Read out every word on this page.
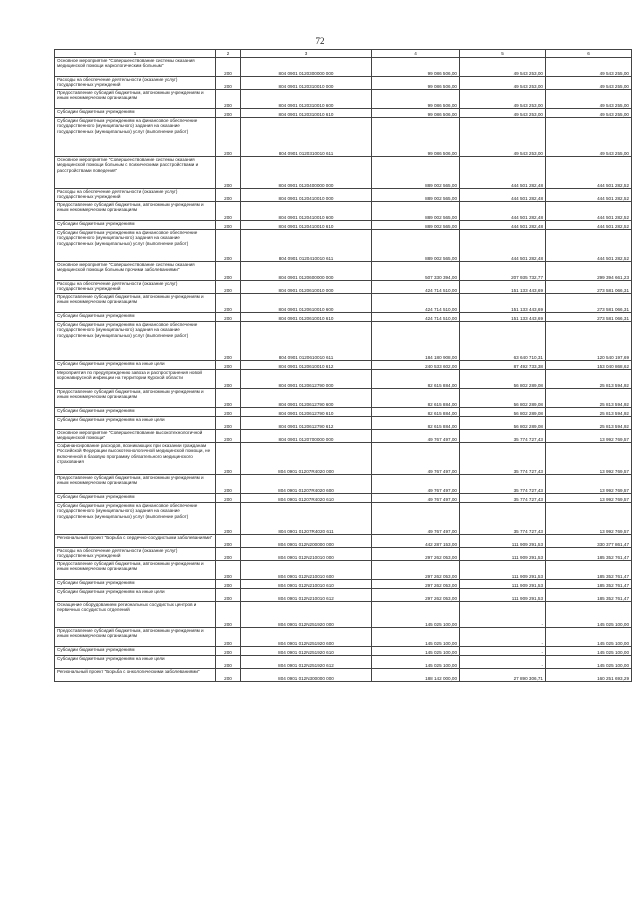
72
1	2	3	4	5	6
Основное мероприятие "Совершенствование системы оказания медицинской помощи наркологическим больным"	200	804 0901 0120300000 000	99 086 506,00	49 543 253,00	49 543 255,00
Расходы на обеспечение деятельности (оказание услуг) государственных учреждений	200	804 0901 0120310010 000	99 086 506,00	49 543 253,00	49 543 255,00
Предоставление субсидий бюджетным, автономным учреждениям и иным некоммерческим организациям	200	804 0901 0120310010 600	99 086 506,00	49 543 253,00	49 543 255,00
Субсидии бюджетным учреждениям	200	804 0901 0120310010 610	99 086 506,00	49 543 253,00	49 543 255,00
Субсидии бюджетным учреждениям на финансовое обеспечение государственного (муниципального) задания на оказание государственных (муниципальных) услуг (выполнение работ)	200	804 0901 0120310010 611	99 086 506,00	49 543 253,00	49 543 255,00
Основное мероприятие "Совершенствование системы оказания медицинской помощи больным с психическими расстройствами и расстройствами поведения"	200	804 0901 0120400000 000	889 002 565,00	444 501 282,48	444 501 282,52
Расходы на обеспечение деятельности (оказание услуг) государственных учреждений	200	804 0901 0120410010 000	889 002 565,00	444 501 282,48	444 501 282,52
Предоставление субсидий бюджетным, автономным учреждениям и иным некоммерческим организациям	200	804 0901 0120410010 600	889 002 565,00	444 501 282,48	444 501 282,52
Субсидии бюджетным учреждениям	200	804 0901 0120410010 610	889 002 565,00	444 501 282,48	444 501 282,52
Субсидии бюджетным учреждениям на финансовое обеспечение государственного (муниципального) задания на оказание государственных (муниципальных) услуг (выполнение работ)	200	804 0901 0120410010 611	889 002 565,00	444 501 282,48	444 501 282,52
Основное мероприятие "Совершенствование системы оказания медицинской помощи больным прочими заболеваниями"	200	804 0901 0120600000 000	507 330 394,00	207 935 732,77	299 394 661,23
Расходы на обеспечение деятельности (оказание услуг) государственных учреждений	200	804 0901 0120610010 000	424 714 510,00	151 133 443,69	273 581 066,31
Предоставление субсидий бюджетным, автономным учреждениям и иным некоммерческим организациям	200	804 0901 0120610010 600	424 714 510,00	151 133 443,69	273 581 066,31
Субсидии бюджетным учреждениям	200	804 0901 0120610010 610	424 714 510,00	151 133 443,69	273 581 066,31
Субсидии бюджетным учреждениям на финансовое обеспечение государственного (муниципального) задания на оказание государственных (муниципальных) услуг (выполнение работ)	200	804 0901 0120610010 611	184 180 908,00	63 640 710,31	120 540 197,69
Субсидии бюджетным учреждениям на иные цели	200	804 0901 0120610010 612	240 533 602,00	87 492 733,38	153 040 868,62
Мероприятия по предупреждению завоза и распространения новой коронавирусной инфекции на территории Курской области	200	804 0901 0120612790 000	82 615 884,00	56 802 289,08	25 813 594,92
Предоставление субсидий бюджетным, автономным учреждениям и иным некоммерческим организациям	200	804 0901 0120612790 600	82 615 884,00	56 802 289,08	25 813 594,92
Субсидии бюджетным учреждениям	200	804 0901 0120612790 610	82 615 884,00	56 802 289,08	25 813 594,92
Субсидии бюджетным учреждениям на иные цели	200	804 0901 0120612790 612	82 615 884,00	56 802 289,08	25 813 594,92
Основное мероприятие "Совершенствование высокотехнологичной медицинской помощи"	200	804 0901 0120700000 000	49 767 497,00	35 774 727,43	13 992 769,57
Софинансирование расходов, возникающих при оказании гражданам Российской Федерации высокотехнологичной медицинской помощи, не включенной в базовую программу обязательного медицинского страхования	200	804 0901 01207R4020 000	49 767 497,00	35 774 727,43	13 992 769,57
Предоставление субсидий бюджетным, автономным учреждениям и иным некоммерческим организациям	200	804 0901 01207R4020 600	49 767 497,00	35 774 727,43	13 992 769,57
Субсидии бюджетным учреждениям	200	804 0901 01207R4020 610	49 767 497,00	35 774 727,43	13 992 769,57
Субсидии бюджетным учреждениям на финансовое обеспечение государственного (муниципального) задания на оказание государственных (муниципальных) услуг (выполнение работ)	200	804 0901 01207R4020 611	49 767 497,00	35 774 727,43	13 992 769,57
Региональный проект "Борьба с сердечно-сосудистыми заболеваниями"	200	804 0901 012N200000 000	442 287 153,00	111 909 291,53	330 377 861,47
Расходы на обеспечение деятельности (оказание услуг) государственных учреждений	200	804 0901 012N210010 000	297 262 053,00	111 909 291,53	185 352 761,47
Предоставление субсидий бюджетным, автономным учреждениям и иным некоммерческим организациям	200	804 0901 012N210010 600	297 262 053,00	111 909 291,53	185 352 761,47
Субсидии бюджетным учреждениям	200	804 0901 012N210010 610	297 262 053,00	111 909 291,53	185 352 761,47
Субсидии бюджетным учреждениям на иные цели	200	804 0901 012N210010 612	297 262 053,00	111 909 291,53	185 352 761,47
Оснащение оборудованием региональных сосудистых центров и первичных сосудистых отделений	200	804 0901 012N251920 000	145 025 100,00	-	145 025 100,00
Предоставление субсидий бюджетным, автономным учреждениям и иным некоммерческим организациям	200	804 0901 012N251920 600	145 025 100,00	-	145 025 100,00
Субсидии бюджетным учреждениям	200	804 0901 012N251920 610	145 025 100,00	-	145 025 100,00
Субсидии бюджетным учреждениям на иные цели	200	804 0901 012N251920 612	145 025 100,00	-	145 025 100,00
Региональный проект "Борьба с онкологическими заболеваниями"	200	804 0901 012N300000 000	188 142 000,00	27 890 306,71	160 251 693,29
